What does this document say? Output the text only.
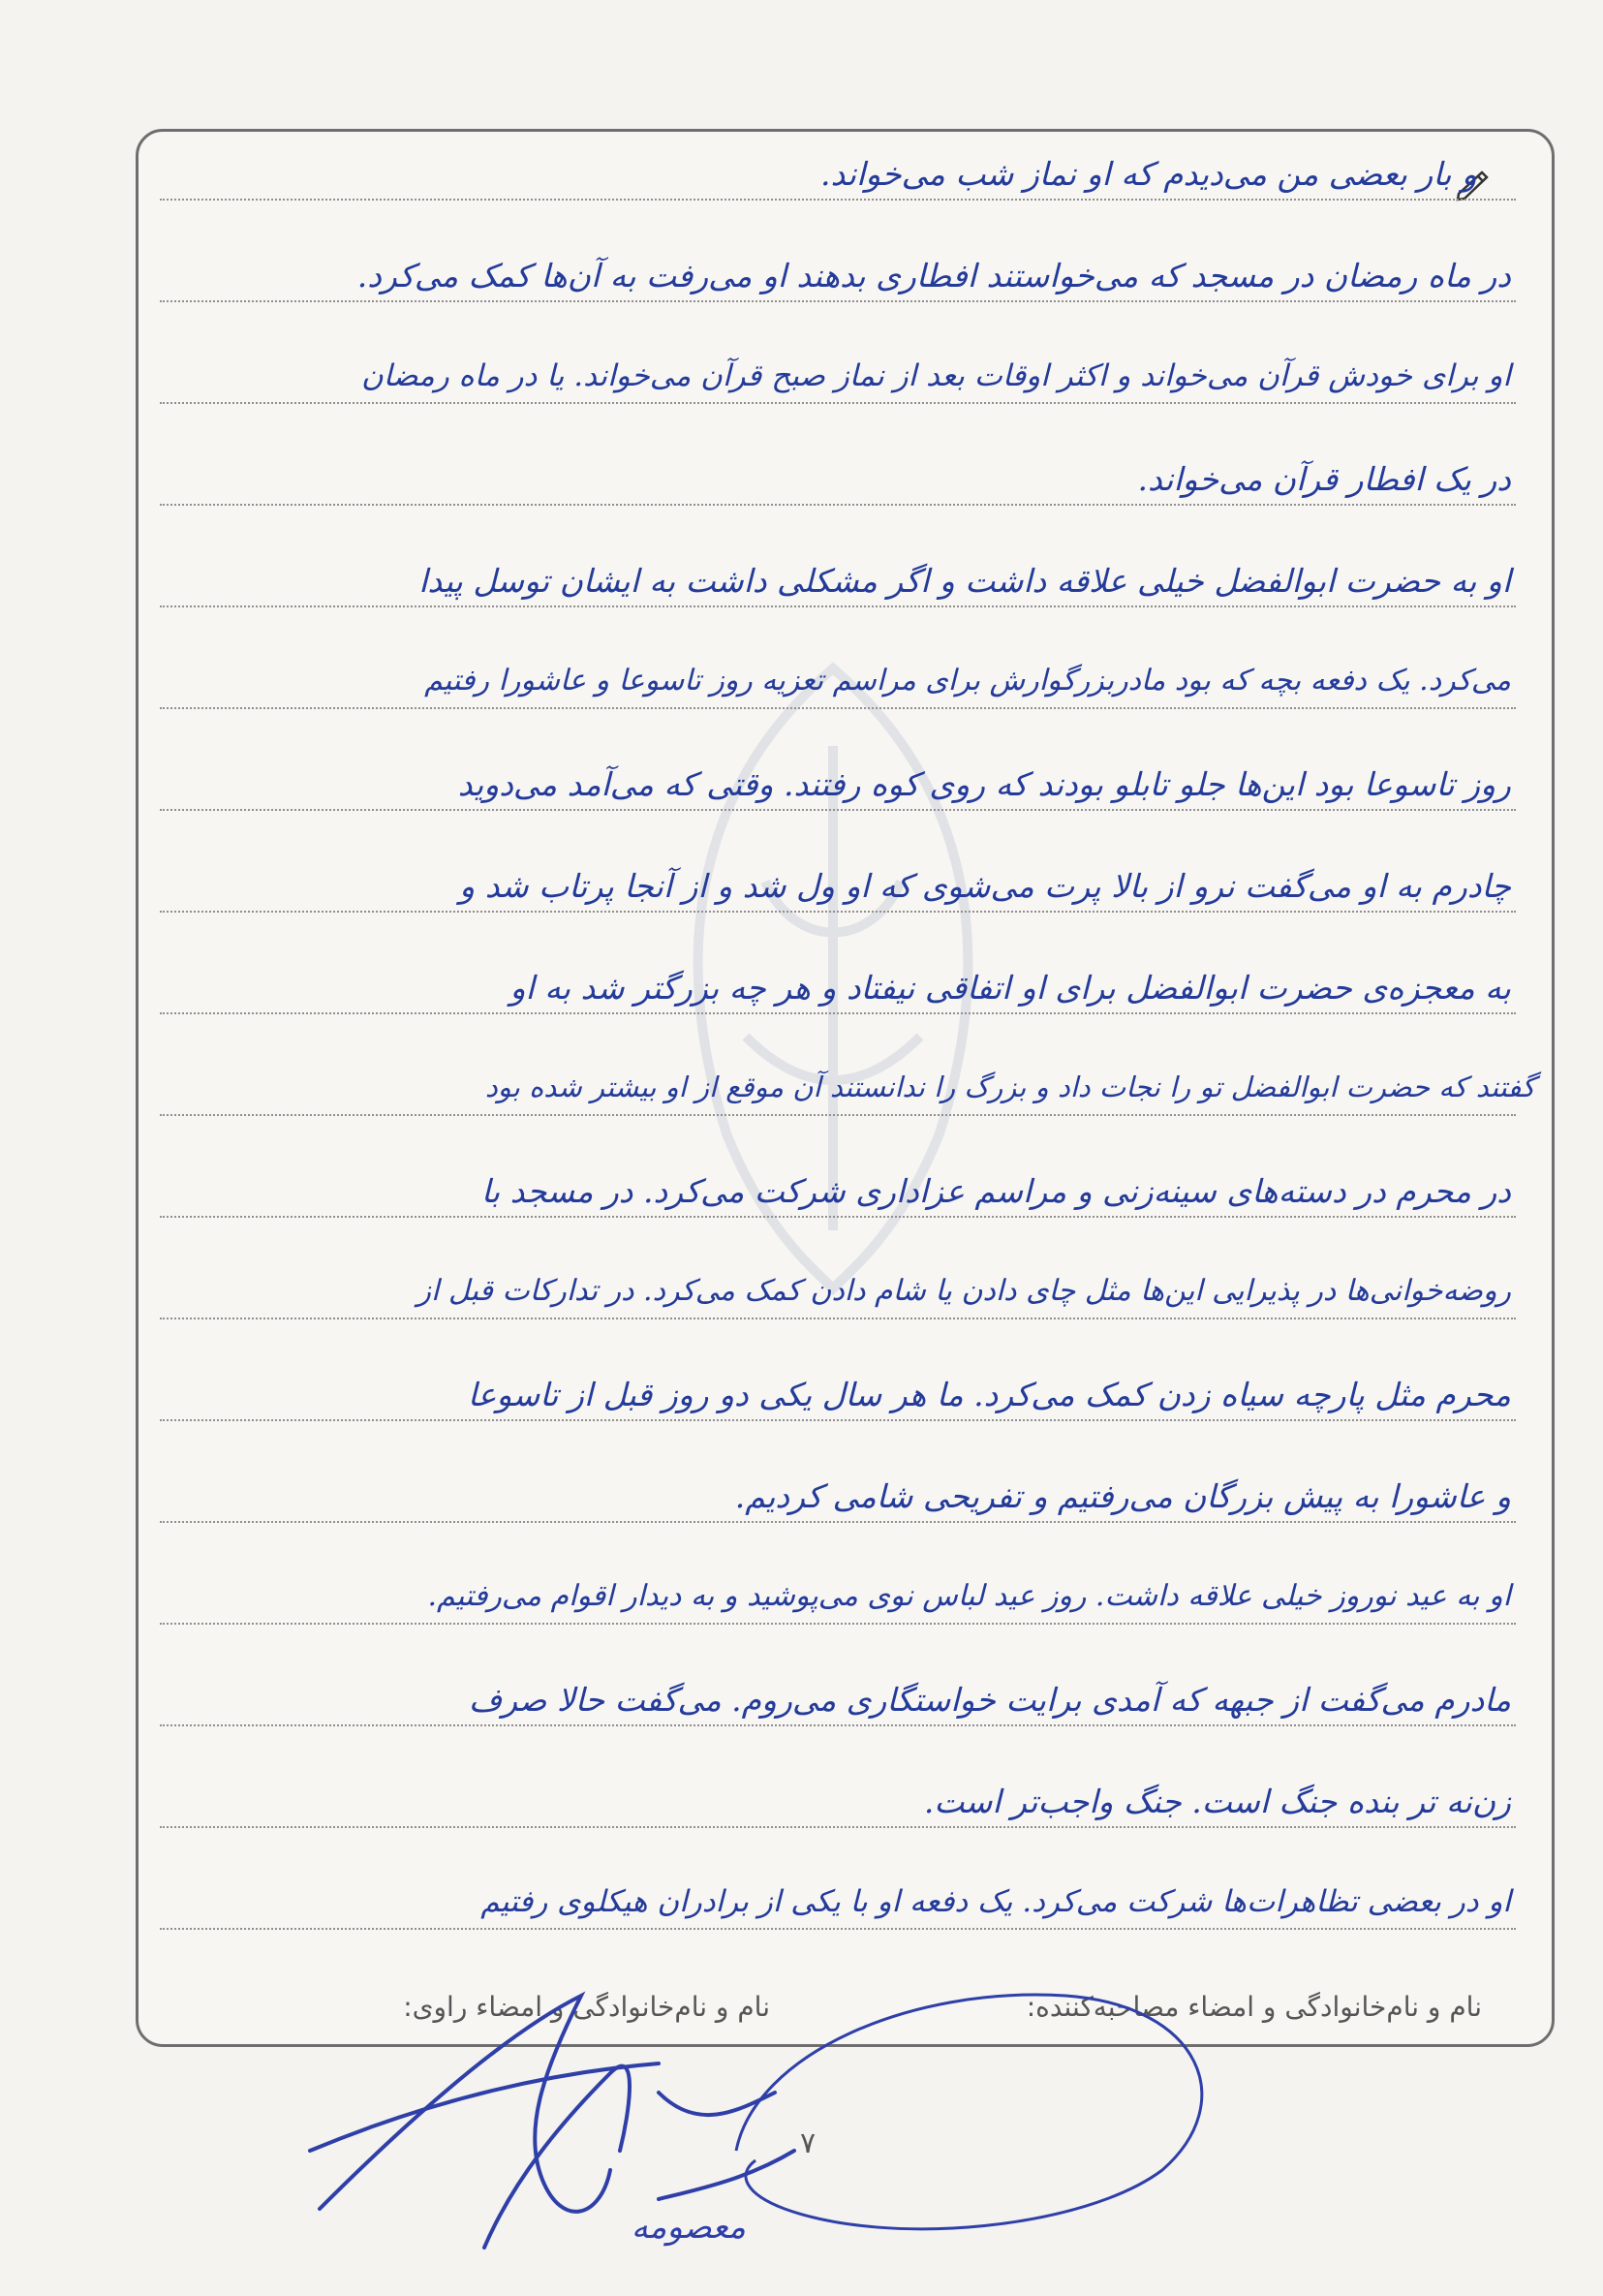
و بار بعضی من می‌دیدم که او نماز شب می‌خواند.
در ماه رمضان در مسجد که می‌خواستند افطاری بدهند او می‌رفت به آن‌ها کمک می‌کرد.
او برای خودش قرآن می‌خواند و اکثر اوقات بعد از نماز صبح قرآن می‌خواند. یا در ماه رمضان
در یک افطار قرآن می‌خواند.
او به حضرت ابوالفضل خیلی علاقه داشت و اگر مشکلی داشت به ایشان توسل پیدا
می‌کرد. یک دفعه بچه که بود مادربزرگوارش برای مراسم تعزیه روز تاسوعا و عاشورا رفتیم
روز تاسوعا بود این‌ها جلو تابلو بودند که روی کوه رفتند. وقتی که می‌آمد می‌دوید
چادرم به او می‌گفت نرو از بالا پرت می‌شوی که او ول شد و از آنجا پرتاب شد و
به معجزه‌ی حضرت ابوالفضل برای او اتفاقی نیفتاد و هر چه بزرگتر شد به او
گفتند که حضرت ابوالفضل تو را نجات داد و بزرگ را ندانستند آن موقع از او بیشتر شده بود
در محرم در دسته‌های سینه‌زنی و مراسم عزاداری شرکت می‌کرد. در مسجد با
روضه‌خوانی‌ها در پذیرایی این‌ها مثل چای دادن یا شام دادن کمک می‌کرد. در تدارکات قبل از
محرم مثل پارچه سیاه زدن کمک می‌کرد. ما هر سال یکی دو روز قبل از تاسوعا
و عاشورا به پیش بزرگان می‌رفتیم و تفریحی شامی کردیم.
او به عید نوروز خیلی علاقه داشت. روز عید لباس نوی می‌پوشید و به دیدار اقوام می‌رفتیم.
مادرم می‌گفت از جبهه که آمدی برایت خواستگاری می‌روم. می‌گفت حالا صرف
زن‌نه تر بنده جنگ است. جنگ واجب‌تر است.
او در بعضی تظاهرات‌ها شرکت می‌کرد. یک دفعه او با یکی از برادران هیکلوی رفتیم
نام و نام‌خانوادگی و امضاء مصاحبه‌کننده:
نام و نام‌خانوادگی و امضاء راوی:
معصومه
۷
